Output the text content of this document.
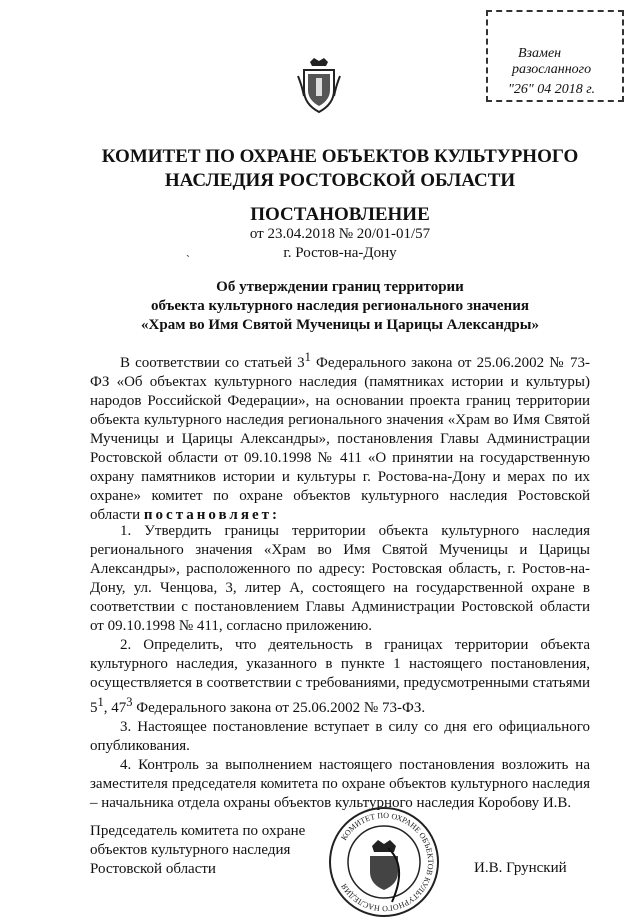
Взамен
разосланного
"26" 04 2018 г.
КОМИТЕТ ПО ОХРАНЕ ОБЪЕКТОВ КУЛЬТУРНОГО
НАСЛЕДИЯ РОСТОВСКОЙ ОБЛАСТИ
ПОСТАНОВЛЕНИЕ
от 23.04.2018 № 20/01-01/57
г. Ростов-на-Дону
˴
Об утверждении границ территории
объекта культурного наследия регионального значения
«Храм во Имя Святой Мученицы и Царицы Александры»
В соответствии со статьей $3^1$ Федерального закона от 25.06.2002 № 73-ФЗ «Об объектах культурного наследия (памятниках истории и культуры) народов Российской Федерации», на основании проекта границ территории объекта культурного наследия регионального значения «Храм во Имя Святой Мученицы и Царицы Александры», постановления Главы Администрации Ростовской области от 09.10.1998 № 411 «О принятии на государственную охрану памятников истории и культуры г. Ростова-на-Дону и мерах по их охране» комитет по охране объектов культурного наследия Ростовской области постановляет:
1. Утвердить границы территории объекта культурного наследия регионального значения «Храм во Имя Святой Мученицы и Царицы Александры», расположенного по адресу: Ростовская область, г. Ростов-на-Дону, ул. Ченцова, 3, литер А, состоящего на государственной охране в соответствии с постановлением Главы Администрации Ростовской области от 09.10.1998 № 411, согласно приложению.
2. Определить, что деятельность в границах территории объекта культурного наследия, указанного в пункте 1 настоящего постановления, осуществляется в соответствии с требованиями, предусмотренными статьями $5^1$, $47^3$ Федерального закона от 25.06.2002 № 73-ФЗ.
3. Настоящее постановление вступает в силу со дня его официального опубликования.
4. Контроль за выполнением настоящего постановления возложить на заместителя председателя комитета по охране объектов культурного наследия – начальника отдела охраны объектов культурного наследия Коробову И.В.
Председатель комитета по охране
объектов культурного наследия
Ростовской области
КОМИТЕТ ПО ОХРАНЕ ОБЪЕКТОВ КУЛЬТУРНОГО НАСЛЕДИЯ
И.В. Грунский
